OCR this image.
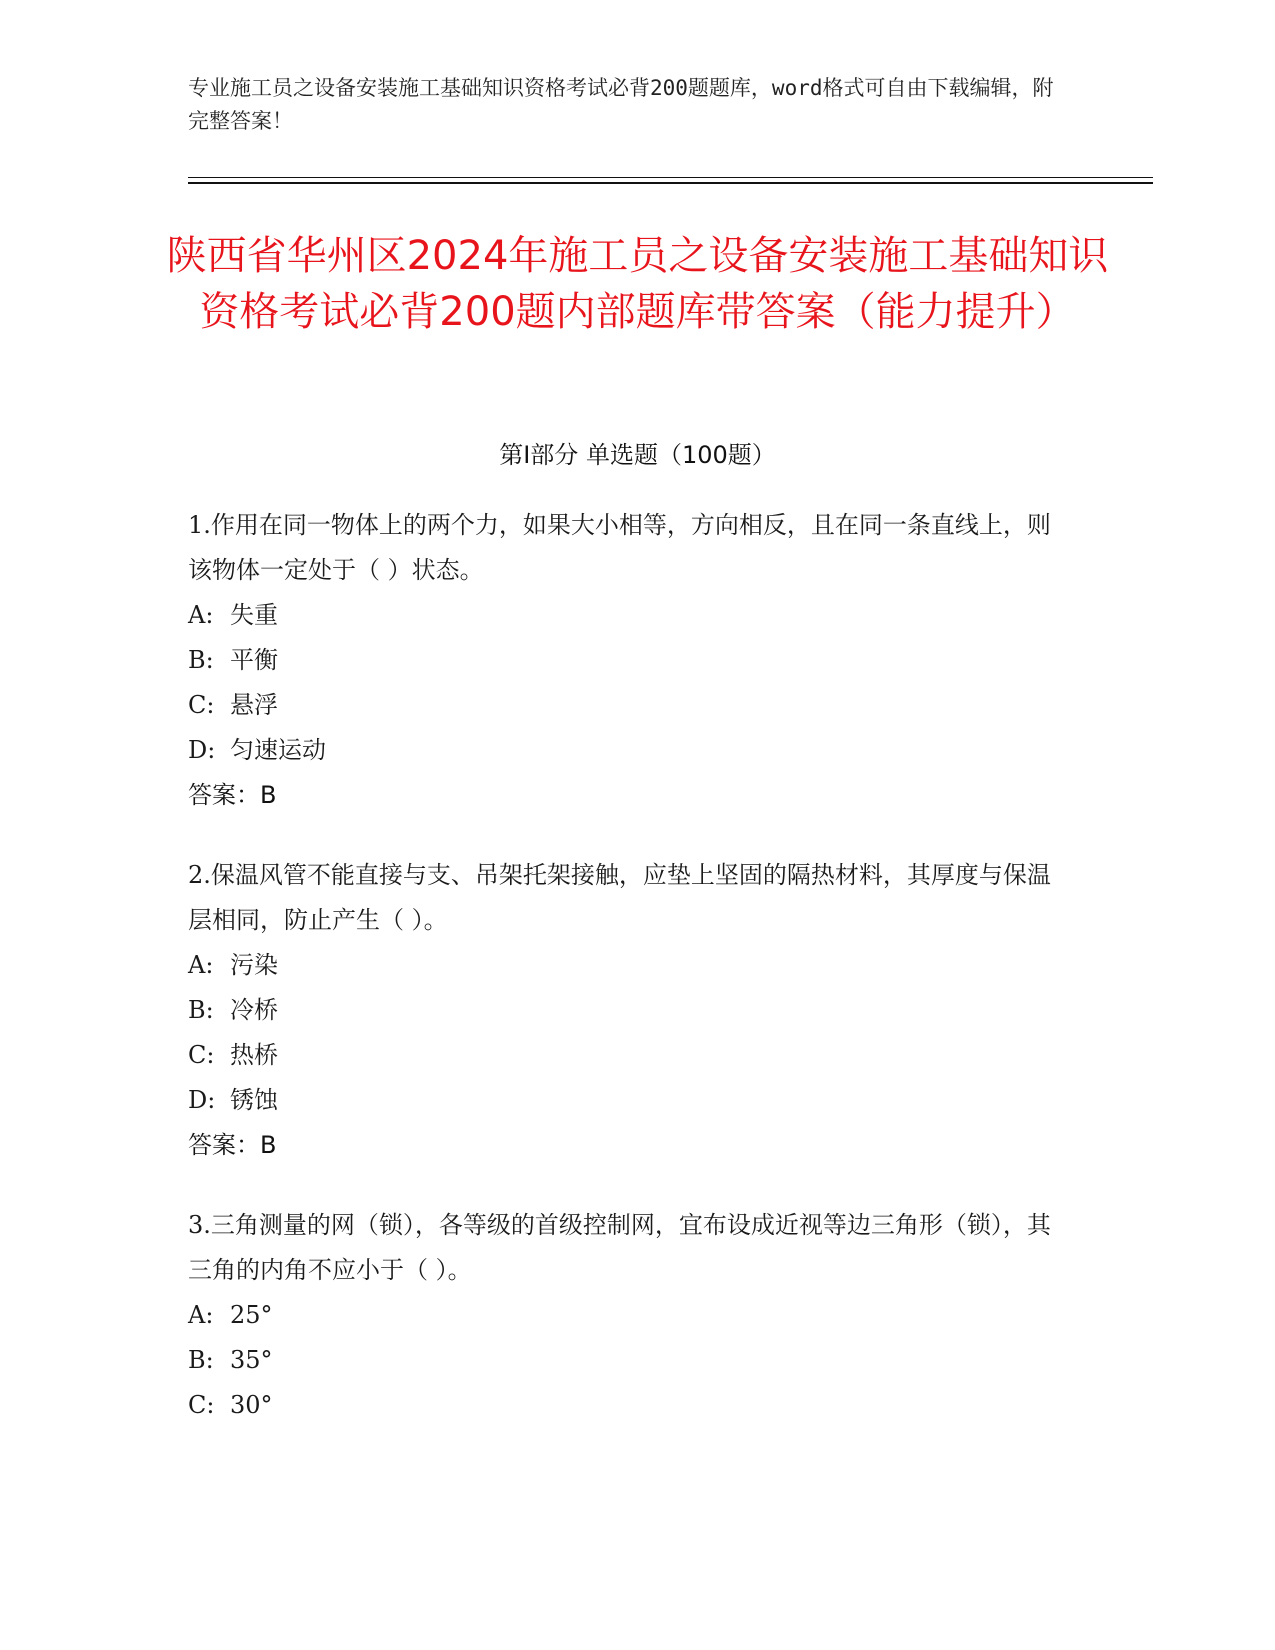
专业施工员之设备安装施工基础知识资格考试必背200题题库，word格式可自由下载编辑，附完整答案！
陕西省华州区2024年施工员之设备安装施工基础知识资格考试必背200题内部题库带答案（能力提升）
第Ⅰ部分 单选题（100题）
1.作用在同一物体上的两个力，如果大小相等，方向相反，且在同一条直线上，则该物体一定处于（ ）状态。
A: 失重
B: 平衡
C: 悬浮
D: 匀速运动
答案：B
2.保温风管不能直接与支、吊架托架接触，应垫上坚固的隔热材料，其厚度与保温层相同，防止产生（ ）。
A: 污染
B: 冷桥
C: 热桥
D: 锈蚀
答案：B
3.三角测量的网（锁），各等级的首级控制网，宜布设成近视等边三角形（锁），其三角的内角不应小于（ ）。
A: 25°
B: 35°
C: 30°
